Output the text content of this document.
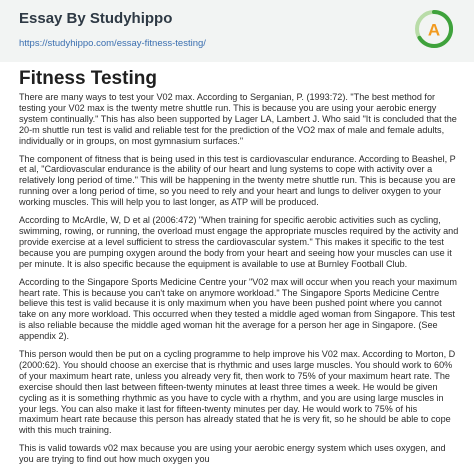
Essay By Studyhippo
https://studyhippo.com/essay-fitness-testing/
A
Fitness Testing

There are many ways to test your V02 max. According to Serganian, P. (1993:72). "The best method for testing your V02 max is the twenty metre shuttle run. This is because you are using your aerobic energy system continually." This has also been supported by Lager LA, Lambert J. Who said "It is concluded that the 20-m shuttle run test is valid and reliable test for the prediction of the VO2 max of male and female adults, individually or in groups, on most gymnasium surfaces."

The component of fitness that is being used in this test is cardiovascular endurance. According to Beashel, P et al, "Cardiovascular endurance is the ability of our heart and lung systems to cope with activity over a relatively long period of time." This will be happening in the twenty metre shuttle run. This is because you are running over a long period of time, so you need to rely and your heart and lungs to deliver oxygen to your working muscles. This will help you to last longer, as ATP will be produced.

According to McArdle, W, D et al (2006:472) "When training for specific aerobic activities such as cycling, swimming, rowing, or running, the overload must engage the appropriate muscles required by the activity and provide exercise at a level sufficient to stress the cardiovascular system." This makes it specific to the test because you are pumping oxygen around the body from your heart and seeing how your muscles can use it per minute. It is also specific because the equipment is available to use at Burnley Football Club.

According to the Singapore Sports Medicine Centre your "V02 max will occur when you reach your maximum heart rate. This is because you can't take on anymore workload." The Singapore Sports Medicine Centre believe this test is valid because it is only maximum when you have been pushed point where you cannot take on any more workload. This occurred when they tested a middle aged woman from Singapore. This test is also reliable because the middle aged woman hit the average for a person her age in Singapore. (See appendix 2).

This person would then be put on a cycling programme to help improve his V02 max. According to Morton, D (2000:62). You should choose an exercise that is rhythmic and uses large muscles. You should work to 60% of your maximum heart rate, unless you already very fit, then work to 75% of your maximum heart rate. The exercise should then last between fifteen-twenty minutes at least three times a week. He would be given cycling as it is something rhythmic as you have to cycle with a rhythm, and you are using large muscles in your legs. You can also make it last for fifteen-twenty minutes per day. He would work to 75% of his maximum heart rate because this person has already stated that he is very fit, so he should be able to cope with this much training.

This is valid towards v02 max because you are using your aerobic energy system which uses oxygen, and you are trying to find out how much oxygen you
